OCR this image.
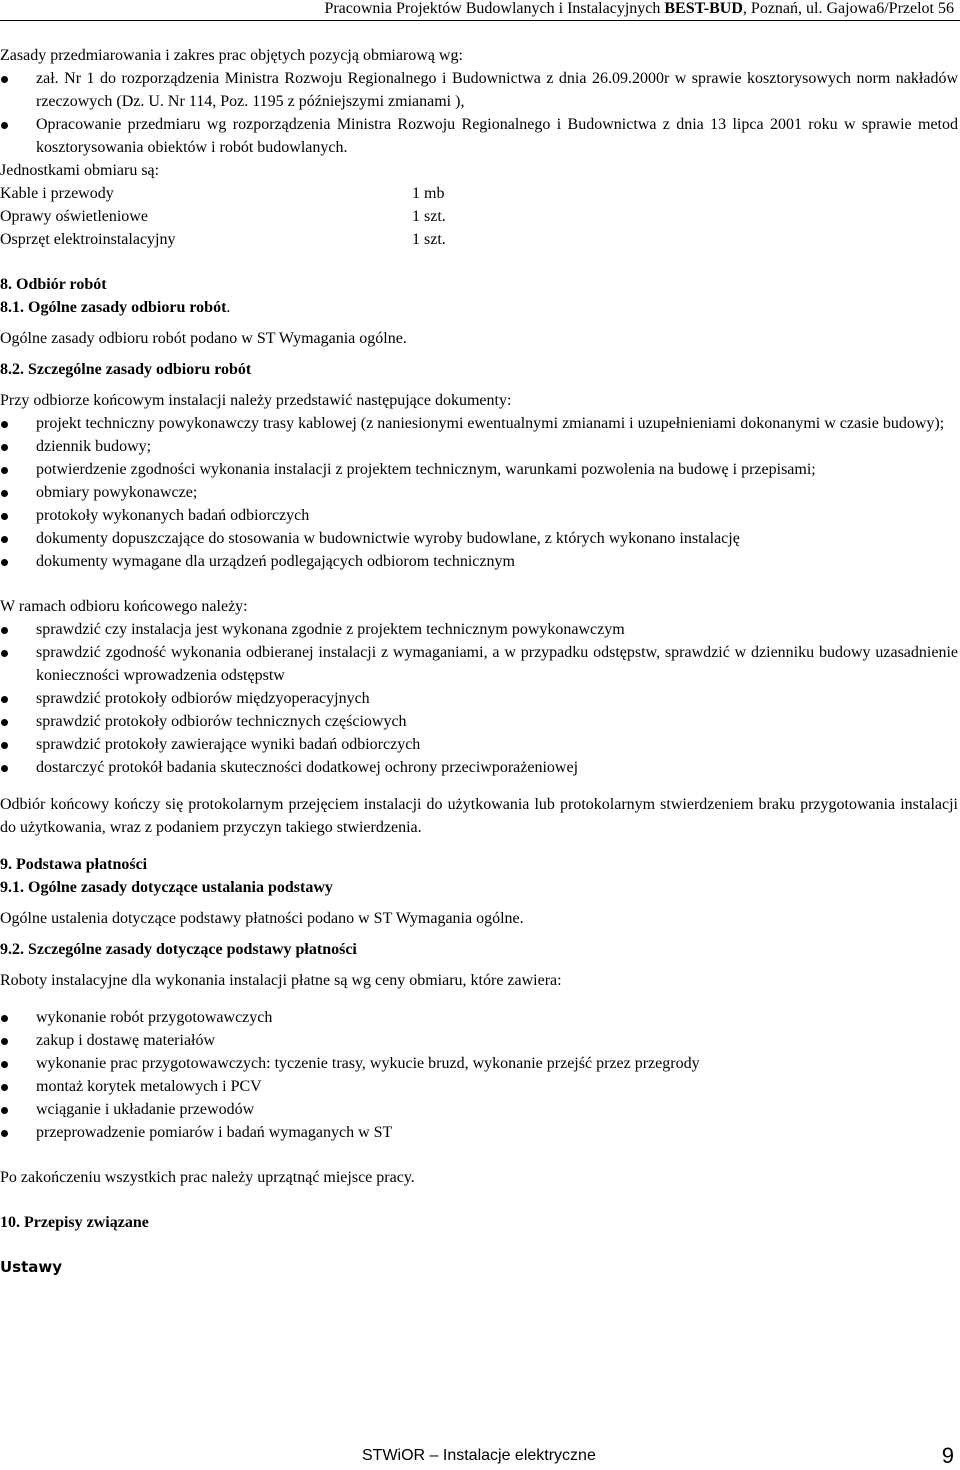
Pracownia Projektów Budowlanych i Instalacyjnych BEST-BUD, Poznań, ul. Gajowa6/Przelot 56

Zasady przedmiarowania i zakres prac objętych pozycją obmiarową wg:

zał. Nr 1 do rozporządzenia Ministra Rozwoju Regionalnego i Budownictwa z dnia 26.09.2000r w sprawie kosztorysowych norm nakładów rzeczowych (Dz. U. Nr 114, Poz. 1195 z późniejszymi zmianami ),
Opracowanie przedmiaru wg rozporządzenia Ministra Rozwoju Regionalnego i Budownictwa z dnia 13 lipca 2001 roku w sprawie metod kosztorysowania obiektów i robót budowlanych.

Jednostkami obmiaru są:

Kable i przewody	1 mb
Oprawy oświetleniowe	1 szt.
Osprzęt elektroinstalacyjny	1 szt.

8. Odbiór robót

8.1. Ogólne zasady odbioru robót.

Ogólne zasady odbioru robót podano w ST Wymagania ogólne.

8.2. Szczególne zasady odbioru robót

Przy odbiorze końcowym instalacji należy przedstawić następujące dokumenty:

projekt techniczny powykonawczy trasy kablowej (z naniesionymi ewentualnymi zmianami i uzupełnieniami dokonanymi w czasie budowy);
dziennik budowy;
potwierdzenie zgodności wykonania instalacji z projektem technicznym, warunkami pozwolenia na budowę i przepisami;
obmiary powykonawcze;
protokoły wykonanych badań odbiorczych
dokumenty dopuszczające do stosowania w budownictwie wyroby budowlane, z których wykonano instalację
dokumenty wymagane dla urządzeń podlegających odbiorom technicznym

W ramach odbioru końcowego należy:

sprawdzić czy instalacja jest wykonana zgodnie z projektem technicznym powykonawczym
sprawdzić zgodność wykonania odbieranej instalacji z wymaganiami, a w przypadku odstępstw, sprawdzić w dzienniku budowy uzasadnienie konieczności wprowadzenia odstępstw
sprawdzić protokoły odbiorów międzyoperacyjnych
sprawdzić protokoły odbiorów technicznych częściowych
sprawdzić protokoły zawierające wyniki badań odbiorczych
dostarczyć protokół badania skuteczności dodatkowej ochrony przeciwporażeniowej

Odbiór końcowy kończy się protokolarnym przejęciem instalacji do użytkowania lub protokolarnym stwierdzeniem braku przygotowania instalacji do użytkowania, wraz z podaniem przyczyn takiego stwierdzenia.

9. Podstawa płatności

9.1. Ogólne zasady dotyczące ustalania podstawy

Ogólne ustalenia dotyczące podstawy płatności podano w ST Wymagania ogólne.

9.2. Szczególne zasady dotyczące podstawy płatności

Roboty instalacyjne dla wykonania instalacji płatne są wg ceny obmiaru, które zawiera:

wykonanie robót przygotowawczych
zakup i dostawę materiałów
wykonanie prac przygotowawczych: tyczenie trasy, wykucie bruzd, wykonanie przejść przez przegrody
montaż korytek metalowych i PCV
wciąganie i układanie przewodów
przeprowadzenie pomiarów i badań wymaganych w ST

Po zakończeniu wszystkich prac należy uprzątnąć miejsce pracy.

10. Przepisy związane

Ustawy

STWiOR – Instalacje elektryczne	9
